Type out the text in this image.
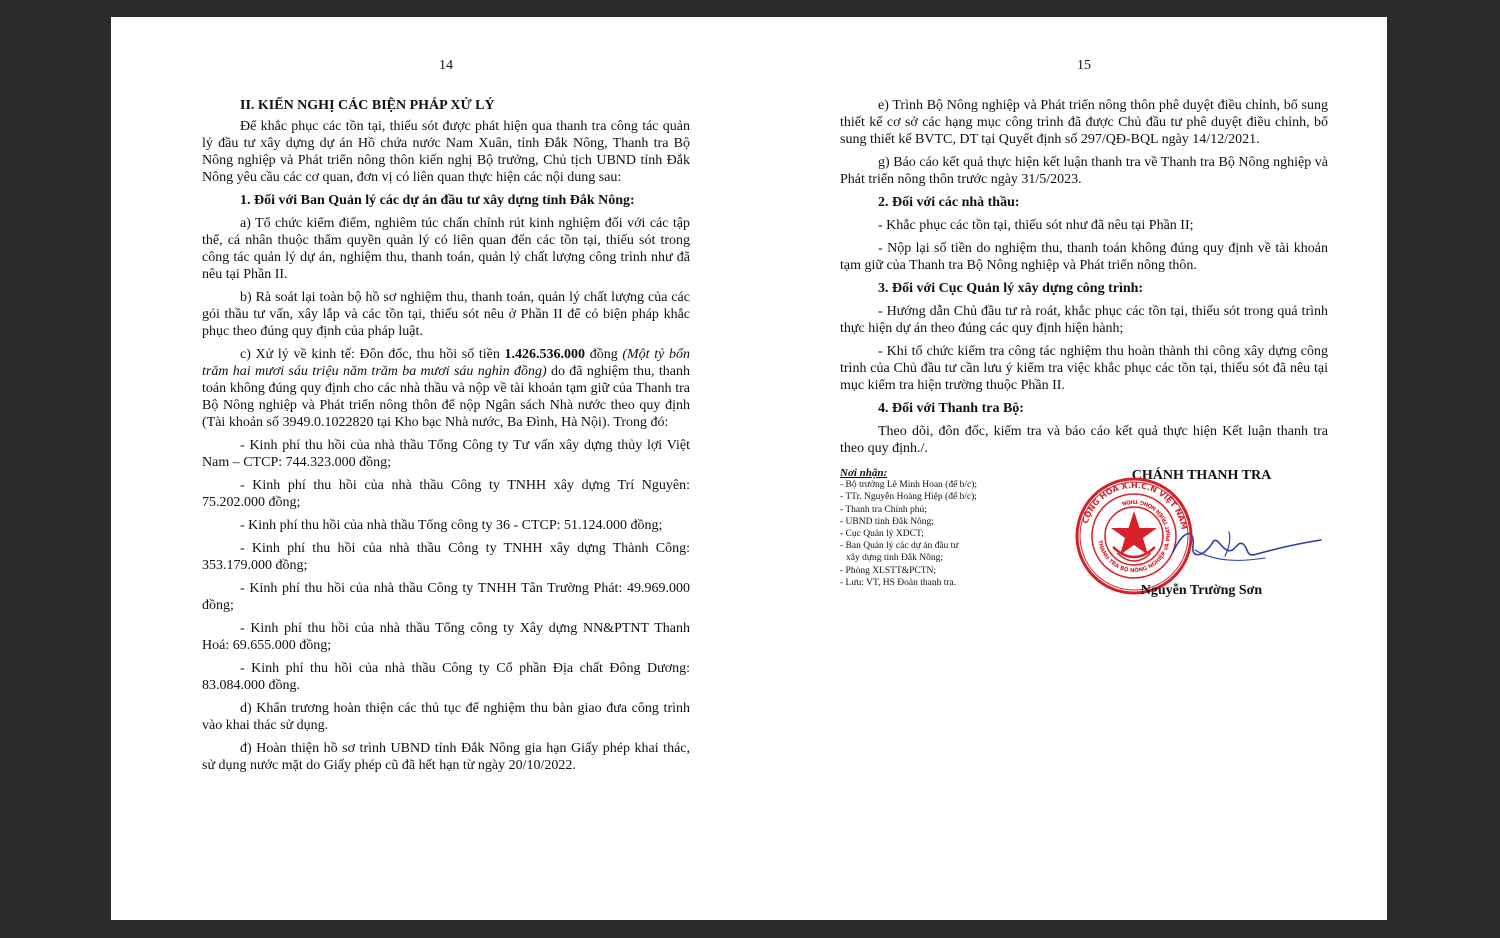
14

II. KIẾN NGHỊ CÁC BIỆN PHÁP XỬ LÝ

Để khắc phục các tồn tại, thiếu sót được phát hiện qua thanh tra công tác quản lý đầu tư xây dựng dự án Hồ chứa nước Nam Xuân, tỉnh Đắk Nông, Thanh tra Bộ Nông nghiệp và Phát triển nông thôn kiến nghị Bộ trưởng, Chủ tịch UBND tỉnh Đắk Nông yêu cầu các cơ quan, đơn vị có liên quan thực hiện các nội dung sau:

1. Đối với Ban Quản lý các dự án đầu tư xây dựng tỉnh Đắk Nông:

a) Tổ chức kiểm điểm, nghiêm túc chấn chỉnh rút kinh nghiệm đối với các tập thể, cá nhân thuộc thẩm quyền quản lý có liên quan đến các tồn tại, thiếu sót trong công tác quản lý dự án, nghiệm thu, thanh toán, quản lý chất lượng công trình như đã nêu tại Phần II.

b) Rà soát lại toàn bộ hồ sơ nghiệm thu, thanh toán, quản lý chất lượng của các gói thầu tư vấn, xây lắp và các tồn tại, thiếu sót nêu ở Phần II để có biện pháp khắc phục theo đúng quy định của pháp luật.

c) Xử lý về kinh tế: Đôn đốc, thu hồi số tiền 1.426.536.000 đồng (Một tỷ bốn trăm hai mươi sáu triệu năm trăm ba mươi sáu nghìn đồng) do đã nghiệm thu, thanh toán không đúng quy định cho các nhà thầu và nộp về tài khoản tạm giữ của Thanh tra Bộ Nông nghiệp và Phát triển nông thôn để nộp Ngân sách Nhà nước theo quy định (Tài khoản số 3949.0.1022820 tại Kho bạc Nhà nước, Ba Đình, Hà Nội). Trong đó:

- Kinh phí thu hồi của nhà thầu Tổng Công ty Tư vấn xây dựng thủy lợi Việt Nam – CTCP: 744.323.000 đồng;

- Kinh phí thu hồi của nhà thầu Công ty TNHH xây dựng Trí Nguyên: 75.202.000 đồng;

- Kinh phí thu hồi của nhà thầu Tổng công ty 36 - CTCP: 51.124.000 đồng;

- Kinh phí thu hồi của nhà thầu Công ty TNHH xây dựng Thành Công: 353.179.000 đồng;

- Kinh phí thu hồi của nhà thầu Công ty TNHH Tân Trường Phát: 49.969.000 đồng;

- Kinh phí thu hồi của nhà thầu Tổng công ty Xây dựng NN&PTNT Thanh Hoá: 69.655.000 đồng;

- Kinh phí thu hồi của nhà thầu Công ty Cổ phần Địa chất Đông Dương: 83.084.000 đồng.

d) Khẩn trương hoàn thiện các thủ tục để nghiệm thu bàn giao đưa công trình vào khai thác sử dụng.

đ) Hoàn thiện hồ sơ trình UBND tỉnh Đắk Nông gia hạn Giấy phép khai thác, sử dụng nước mặt do Giấy phép cũ đã hết hạn từ ngày 20/10/2022.

15

e) Trình Bộ Nông nghiệp và Phát triển nông thôn phê duyệt điều chỉnh, bổ sung thiết kế cơ sở các hạng mục công trình đã được Chủ đầu tư phê duyệt điều chỉnh, bổ sung thiết kế BVTC, DT tại Quyết định số 297/QĐ-BQL ngày 14/12/2021.

g) Báo cáo kết quả thực hiện kết luận thanh tra về Thanh tra Bộ Nông nghiệp và Phát triển nông thôn trước ngày 31/5/2023.

2. Đối với các nhà thầu:

- Khắc phục các tồn tại, thiếu sót như đã nêu tại Phần II;

- Nộp lại số tiền do nghiệm thu, thanh toán không đúng quy định về tài khoản tạm giữ của Thanh tra Bộ Nông nghiệp và Phát triển nông thôn.

3. Đối với Cục Quản lý xây dựng công trình:

- Hướng dẫn Chủ đầu tư rà roát, khắc phục các tồn tại, thiếu sót trong quá trình thực hiện dự án theo đúng các quy định hiện hành;

- Khi tổ chức kiểm tra công tác nghiệm thu hoàn thành thi công xây dựng công trình của Chủ đầu tư cần lưu ý kiểm tra việc khắc phục các tồn tại, thiếu sót đã nêu tại mục kiểm tra hiện trường thuộc Phần II.

4. Đối với Thanh tra Bộ:

Theo dõi, đôn đốc, kiểm tra và báo cáo kết quả thực hiện Kết luận thanh tra theo quy định./.

Nơi nhận:
- Bộ trưởng Lê Minh Hoan (để b/c);
- TTr. Nguyễn Hoàng Hiệp (để b/c);
- Thanh tra Chính phủ;
- UBND tỉnh Đắk Nông;
- Cục Quản lý XDCT;
- Ban Quản lý các dự án đầu tư
xây dựng tỉnh Đắk Nông;
- Phòng XLSTT&PCTN;
- Lưu: VT, HS Đoàn thanh tra.
CHÁNH THANH TRA
CỘNG HÒA X.H.C.N VIỆT NAM
THANH TRA BỘ NÔNG NGHIỆP VÀ PHÁT TRIỂN NÔNG THÔN
Nguyễn Trường Sơn
